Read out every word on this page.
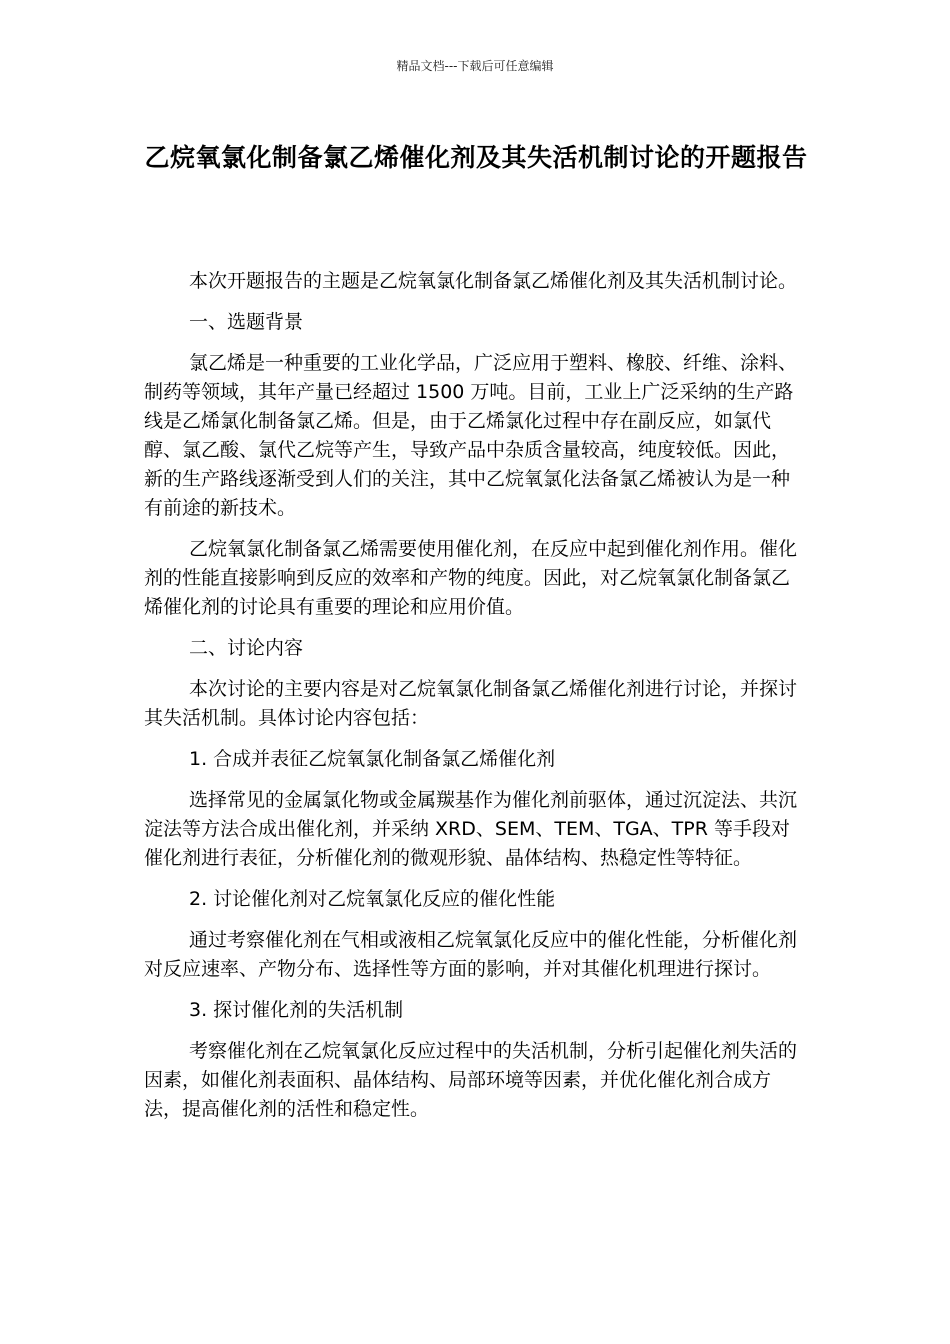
精品文档---下载后可任意编辑
乙烷氧氯化制备氯乙烯催化剂及其失活机制讨论的开题报告

本次开题报告的主题是乙烷氧氯化制备氯乙烯催化剂及其失活机制讨论。

一、选题背景

氯乙烯是一种重要的工业化学品，广泛应用于塑料、橡胶、纤维、涂料、制药等领域，其年产量已经超过 1500 万吨。目前，工业上广泛采纳的生产路线是乙烯氯化制备氯乙烯。但是，由于乙烯氯化过程中存在副反应，如氯代醇、氯乙酸、氯代乙烷等产生，导致产品中杂质含量较高，纯度较低。因此，新的生产路线逐渐受到人们的关注，其中乙烷氧氯化法备氯乙烯被认为是一种有前途的新技术。

乙烷氧氯化制备氯乙烯需要使用催化剂，在反应中起到催化剂作用。催化剂的性能直接影响到反应的效率和产物的纯度。因此，对乙烷氧氯化制备氯乙烯催化剂的讨论具有重要的理论和应用价值。

二、讨论内容

本次讨论的主要内容是对乙烷氧氯化制备氯乙烯催化剂进行讨论，并探讨其失活机制。具体讨论内容包括：

1. 合成并表征乙烷氧氯化制备氯乙烯催化剂

选择常见的金属氯化物或金属羰基作为催化剂前驱体，通过沉淀法、共沉淀法等方法合成出催化剂，并采纳 XRD、SEM、TEM、TGA、TPR 等手段对催化剂进行表征，分析催化剂的微观形貌、晶体结构、热稳定性等特征。

2. 讨论催化剂对乙烷氧氯化反应的催化性能

通过考察催化剂在气相或液相乙烷氧氯化反应中的催化性能，分析催化剂对反应速率、产物分布、选择性等方面的影响，并对其催化机理进行探讨。

3. 探讨催化剂的失活机制

考察催化剂在乙烷氧氯化反应过程中的失活机制，分析引起催化剂失活的因素，如催化剂表面积、晶体结构、局部环境等因素，并优化催化剂合成方法，提高催化剂的活性和稳定性。
